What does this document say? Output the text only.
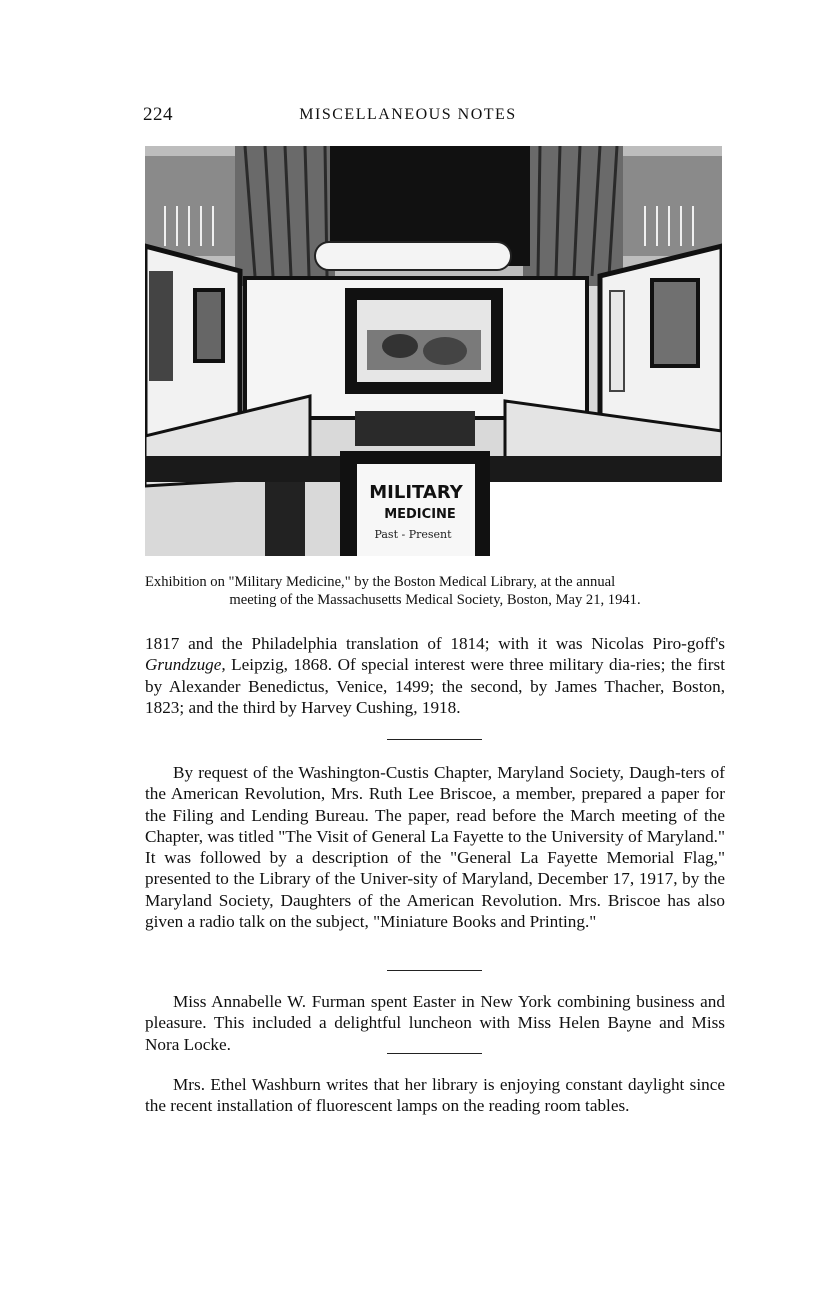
224	MISCELLANEOUS NOTES
MILITARY
MEDICINE
Past - Present
Exhibition on "Military Medicine," by the Boston Medical Library, at the annual
meeting of the Massachusetts Medical Society, Boston, May 21, 1941.

1817 and the Philadelphia translation of 1814; with it was Nicolas Piro-goff's Grundzuge, Leipzig, 1868. Of special interest were three military dia-ries; the first by Alexander Benedictus, Venice, 1499; the second, by James Thacher, Boston, 1823; and the third by Harvey Cushing, 1918.

By request of the Washington-Custis Chapter, Maryland Society, Daugh-ters of the American Revolution, Mrs. Ruth Lee Briscoe, a member, prepared a paper for the Filing and Lending Bureau. The paper, read before the March meeting of the Chapter, was titled "The Visit of General La Fayette to the University of Maryland." It was followed by a description of the "General La Fayette Memorial Flag," presented to the Library of the Univer-sity of Maryland, December 17, 1917, by the Maryland Society, Daughters of the American Revolution. Mrs. Briscoe has also given a radio talk on the subject, "Miniature Books and Printing."

Miss Annabelle W. Furman spent Easter in New York combining business and pleasure. This included a delightful luncheon with Miss Helen Bayne and Miss Nora Locke.

Mrs. Ethel Washburn writes that her library is enjoying constant daylight since the recent installation of fluorescent lamps on the reading room tables.
